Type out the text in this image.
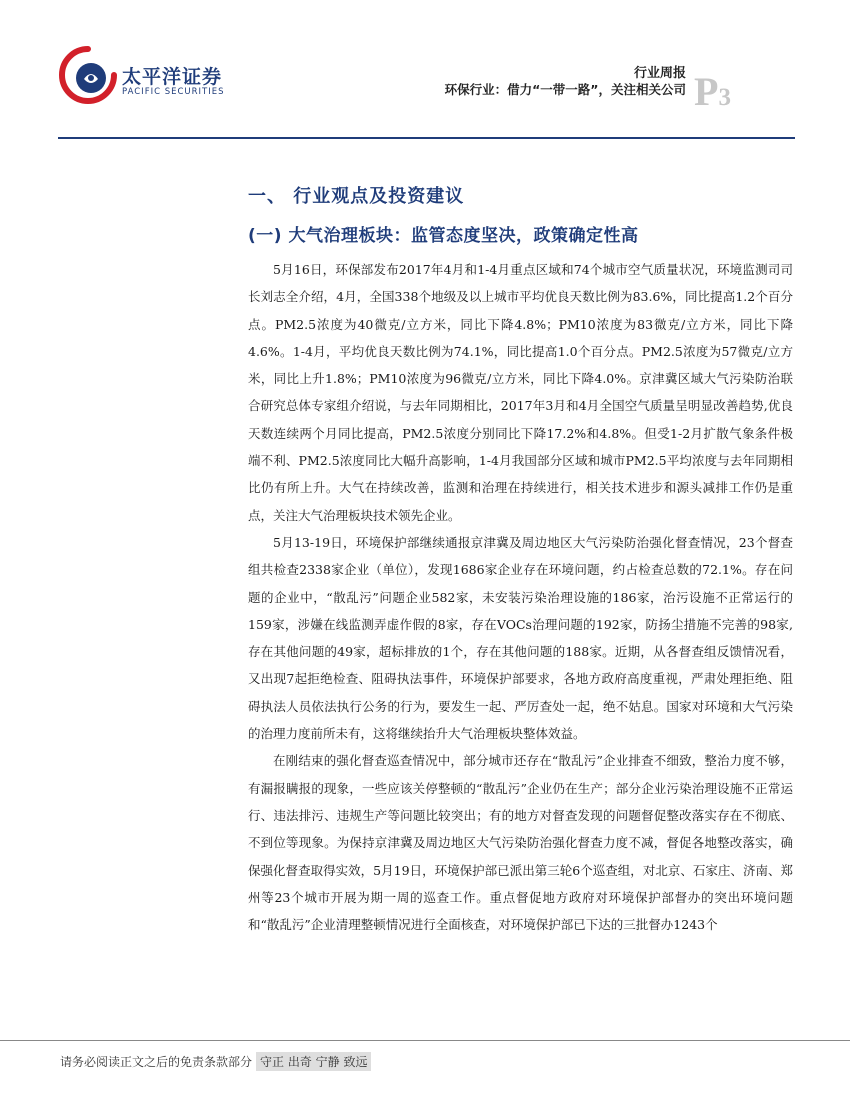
太平洋证券
PACIFIC SECURITIES
行业周报
环保行业：借力“一带一路”，关注相关公司 P3
一、 行业观点及投资建议
(一) 大气治理板块：监管态度坚决，政策确定性高

5月16日，环保部发布2017年4月和1-4月重点区域和74个城市空气质量状况，环境监测司司长刘志全介绍，4月，全国338个地级及以上城市平均优良天数比例为83.6%，同比提高1.2个百分点。PM2.5浓度为40微克/立方米，同比下降4.8%；PM10浓度为83微克/立方米，同比下降4.6%。1-4月，平均优良天数比例为74.1%，同比提高1.0个百分点。PM2.5浓度为57微克/立方米，同比上升1.8%；PM10浓度为96微克/立方米，同比下降4.0%。京津冀区域大气污染防治联合研究总体专家组介绍说，与去年同期相比，2017年3月和4月全国空气质量呈明显改善趋势,优良天数连续两个月同比提高，PM2.5浓度分别同比下降17.2%和4.8%。但受1-2月扩散气象条件极端不利、PM2.5浓度同比大幅升高影响，1-4月我国部分区域和城市PM2.5平均浓度与去年同期相比仍有所上升。大气在持续改善，监测和治理在持续进行，相关技术进步和源头减排工作仍是重点，关注大气治理板块技术领先企业。

5月13-19日，环境保护部继续通报京津冀及周边地区大气污染防治强化督查情况，23个督查组共检查2338家企业（单位），发现1686家企业存在环境问题，约占检查总数的72.1%。存在问题的企业中，“散乱污”问题企业582家，未安装污染治理设施的186家，治污设施不正常运行的159家，涉嫌在线监测弄虚作假的8家，存在VOCs治理问题的192家，防扬尘措施不完善的98家,存在其他问题的49家，超标排放的1个，存在其他问题的188家。近期，从各督查组反馈情况看，又出现7起拒绝检查、阻碍执法事件，环境保护部要求，各地方政府高度重视，严肃处理拒绝、阻碍执法人员依法执行公务的行为，要发生一起、严厉查处一起，绝不姑息。国家对环境和大气污染的治理力度前所未有，这将继续抬升大气治理板块整体效益。

在刚结束的强化督查巡查情况中，部分城市还存在“散乱污”企业排查不细致，整治力度不够，有漏报瞒报的现象，一些应该关停整顿的“散乱污”企业仍在生产；部分企业污染治理设施不正常运行、违法排污、违规生产等问题比较突出；有的地方对督查发现的问题督促整改落实存在不彻底、不到位等现象。为保持京津冀及周边地区大气污染防治强化督查力度不减，督促各地整改落实，确保强化督查取得实效，5月19日，环境保护部已派出第三轮6个巡查组，对北京、石家庄、济南、郑州等23个城市开展为期一周的巡查工作。重点督促地方政府对环境保护部督办的突出环境问题和“散乱污”企业清理整顿情况进行全面核查，对环境保护部已下达的三批督办1243个

请务必阅读正文之后的免责条款部分 守正 出奇 宁静 致远
